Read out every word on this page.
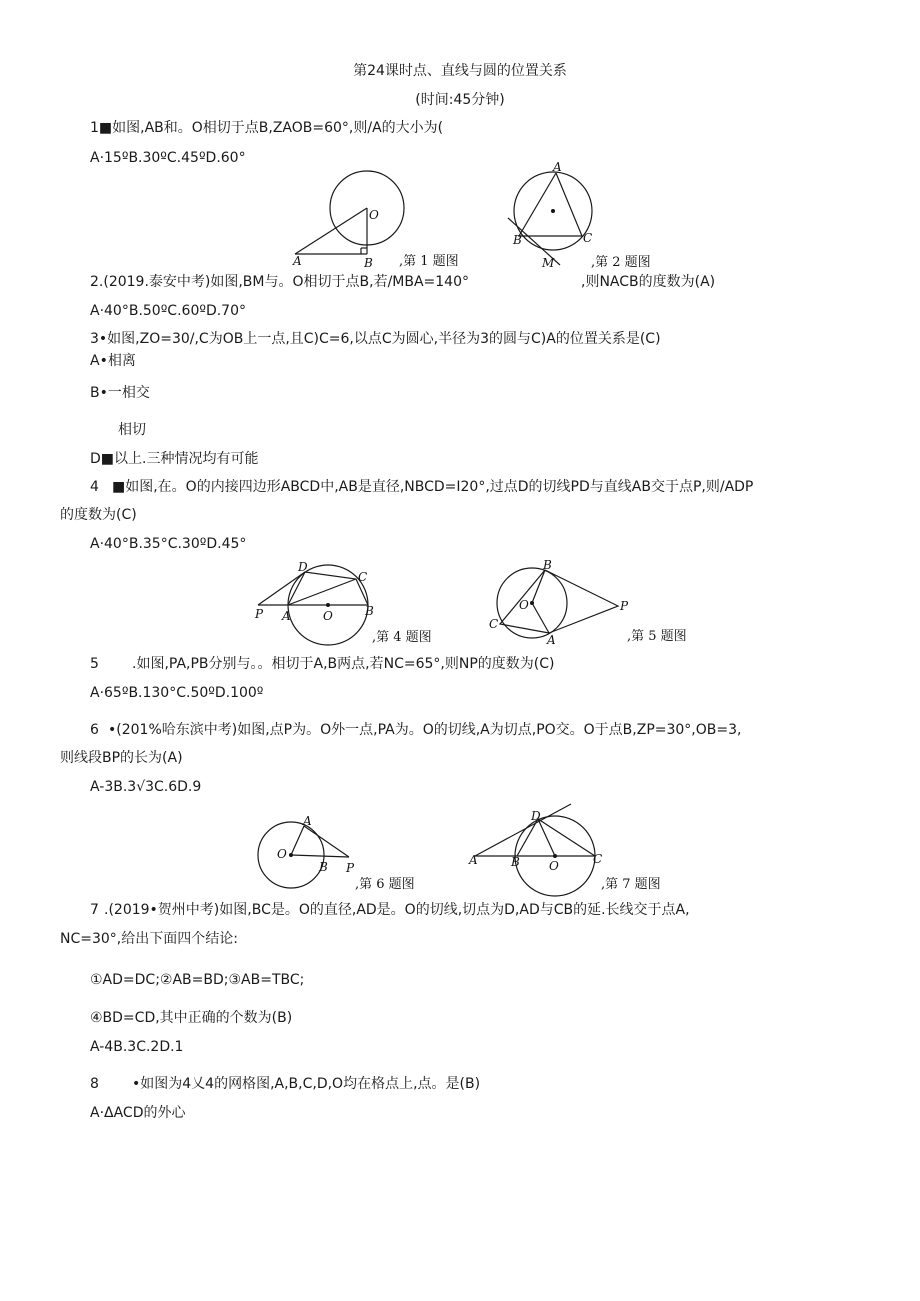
第24课时点、直线与圆的位置关系
(时间:45分钟)
1■如图,AB和。O相切于点B,ZAOB=60°,则/A的大小为(
A·15ºB.30ºC.45ºD.60°
O
A	B ,第 1 题图
A
B	C
M	,第 2 题图
2.(2019.泰安中考)如图,BM与。O相切于点B,若/MBA=140°	,则NACB的度数为(A)
A·40°B.50ºC.60ºD.70°
3•如图,ZO=30/,C为OB上一点,且C)C=6,以点C为圆心,半径为3的圆与C)A的位置关系是(C)
A•相离
B•一相交
相切
D■以上.三种情况均有可能
4 ■如图,在。O的内接四边形ABCD中,AB是直径,NBCD=I20°,过点D的切线PD与直线AB交于点P,则/ADP
的度数为(C)
A·40°B.35°C.30ºD.45°
D
C
P A	O	B
,第 4 题图
B
O
C
A
P
,第 5 题图
5 .如图,PA,PB分别与。。相切于A,B两点,若NC=65°,则NP的度数为(C)
A·65ºB.130°C.50ºD.100º
6 •(201%哈东滨中考)如图,点P为。O外一点,PA为。O的切线,A为切点,PO交。O于点B,ZP=30°,OB=3,
则线段BP的长为(A)
A-3B.3√3C.6D.9
A
O
B P
,第 6 题图
D
A	B O	C
,第 7 题图
7 .(2019•贺州中考)如图,BC是。O的直径,AD是。O的切线,切点为D,AD与CB的延.长线交于点A,
NC=30°,给出下面四个结论:
①AD=DC;②AB=BD;③AB=TBC;
④BD=CD,其中正确的个数为(B)
A-4B.3C.2D.1
8 •如图为4乂4的网格图,A,B,C,D,O均在格点上,点。是(B)
A·ΔACD的外心
